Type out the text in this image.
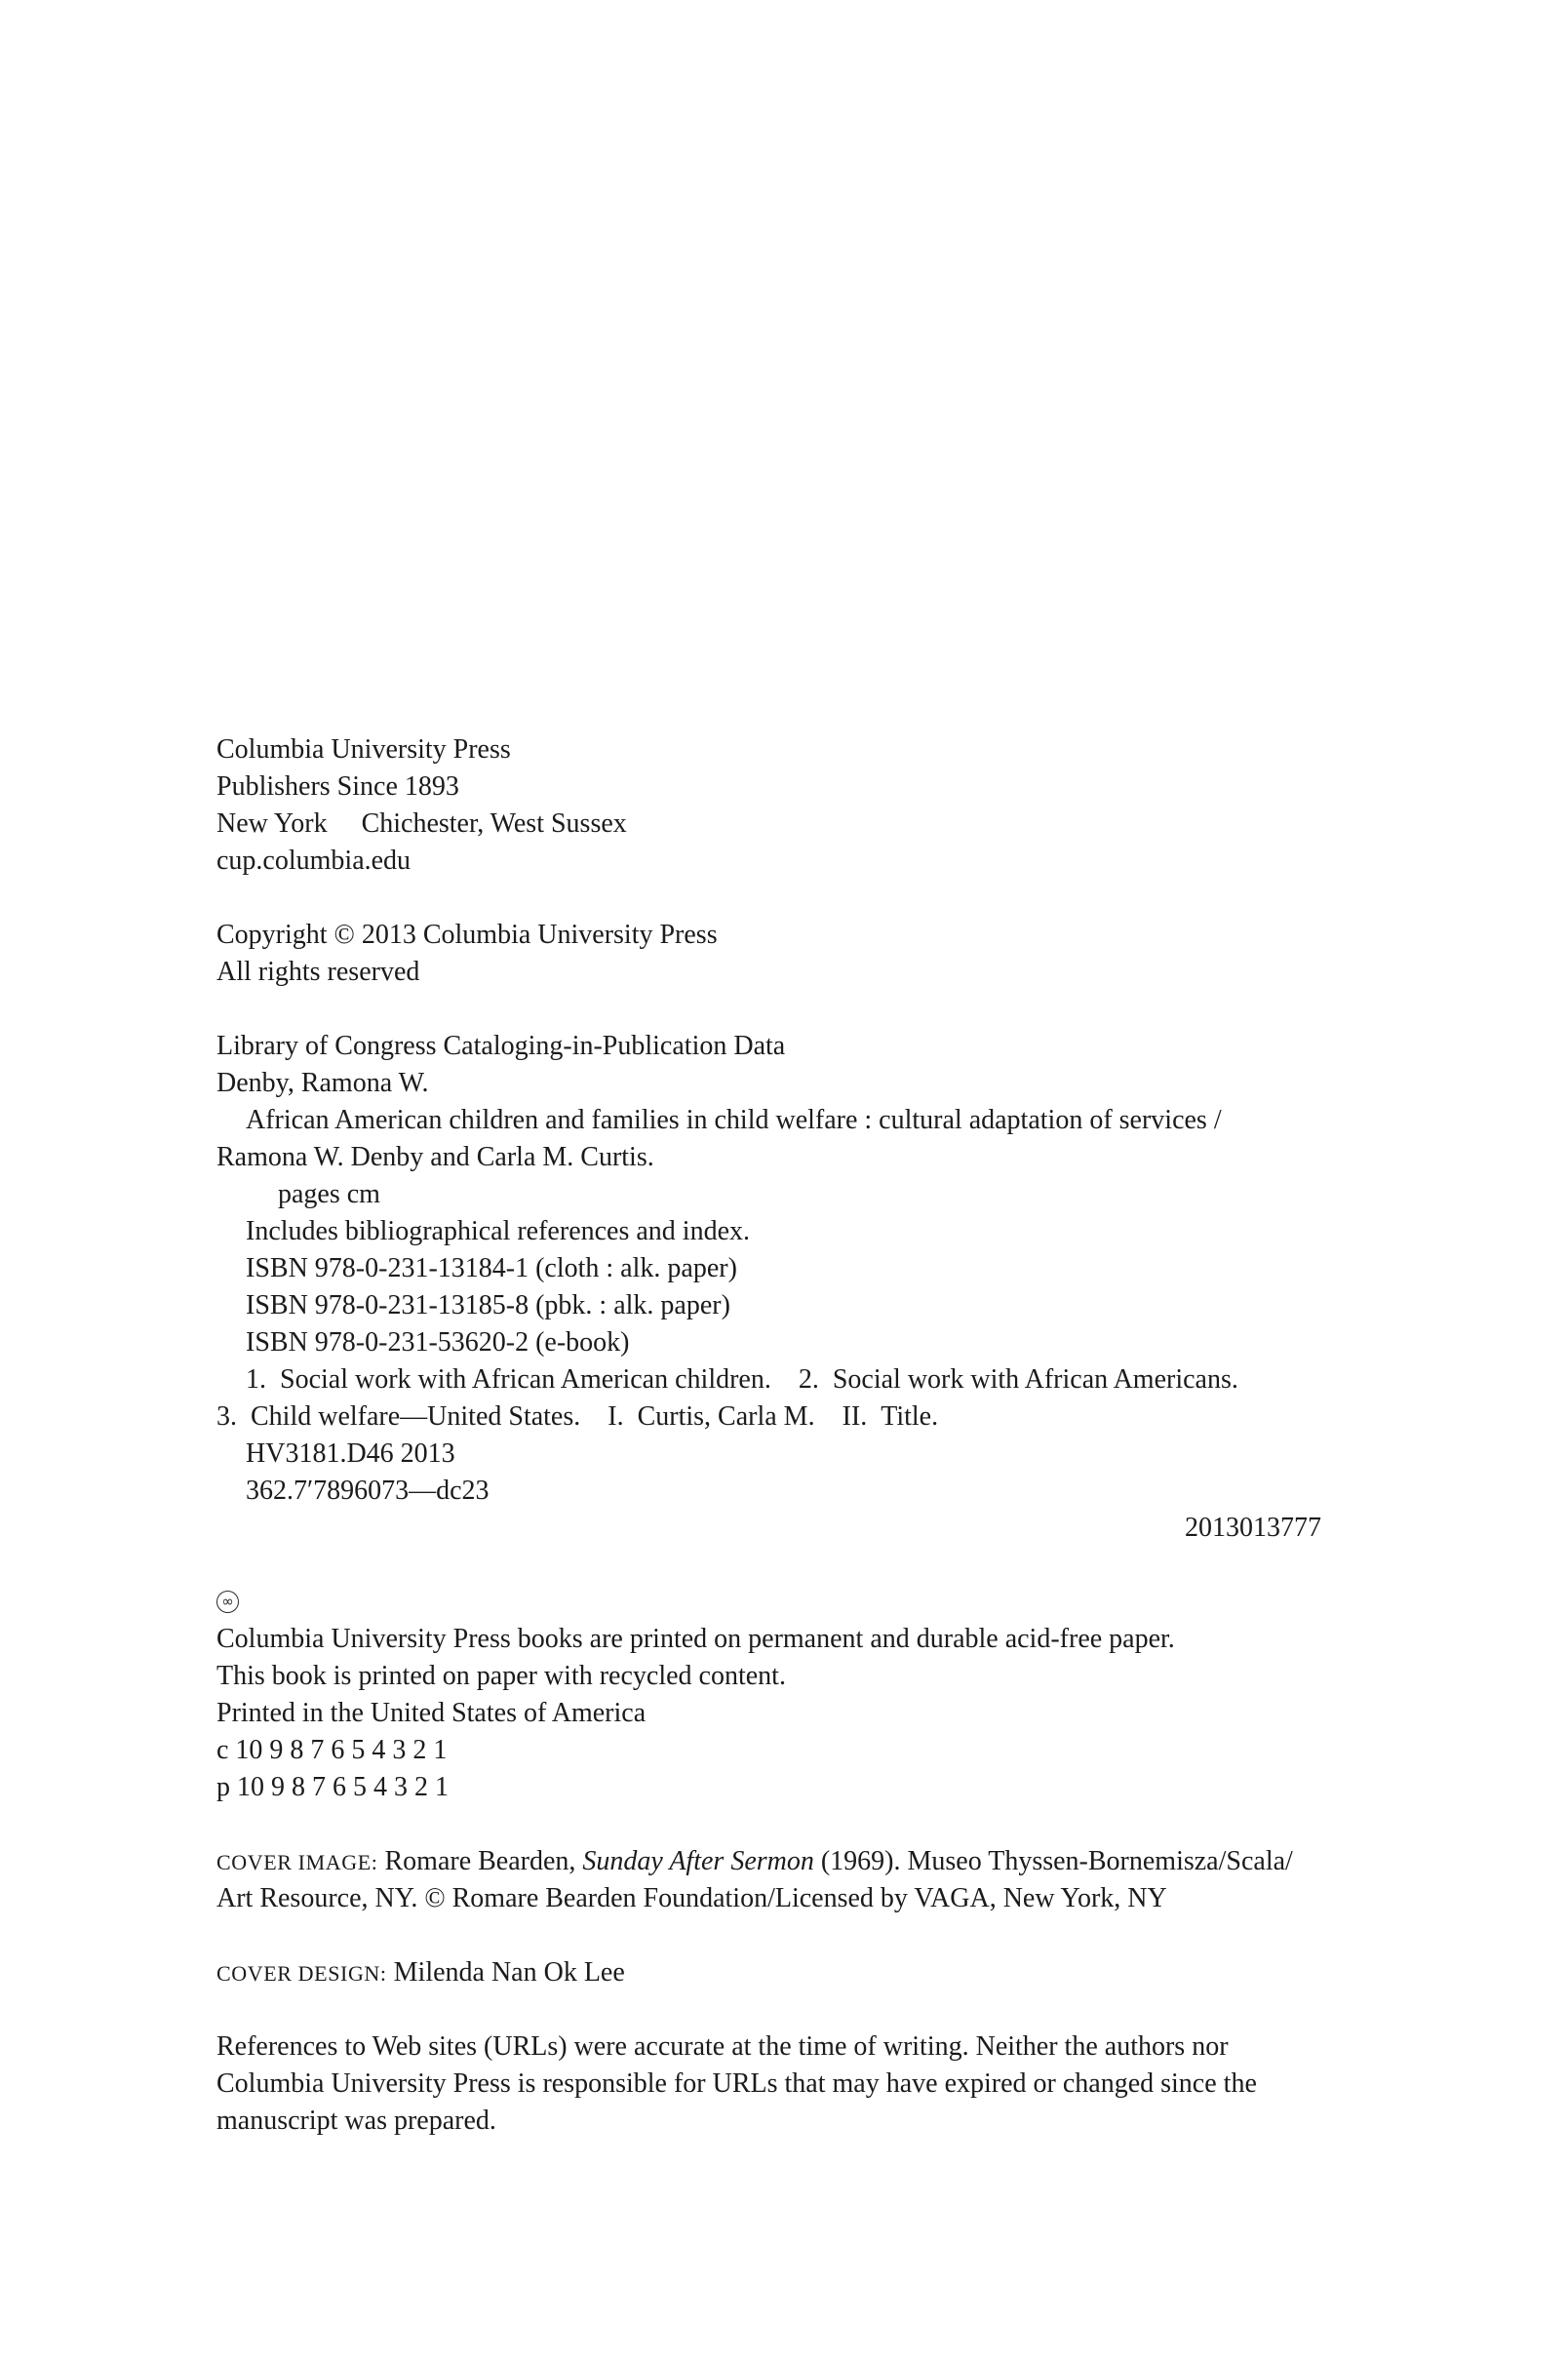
Columbia University Press
Publishers Since 1893
New York  Chichester, West Sussex
cup.columbia.edu
Copyright © 2013 Columbia University Press
All rights reserved
Library of Congress Cataloging-in-Publication Data
Denby, Ramona W.
African American children and families in child welfare : cultural adaptation of services /
Ramona W. Denby and Carla M. Curtis.
pages cm
Includes bibliographical references and index.
ISBN 978-0-231-13184-1 (cloth : alk. paper)
ISBN 978-0-231-13185-8 (pbk. : alk. paper)
ISBN 978-0-231-53620-2 (e-book)
1. Social work with African American children.  2. Social work with African Americans.
3. Child welfare—United States.  I. Curtis, Carla M.  II. Title.
HV3181.D46 2013
362.7′7896073—dc23
2013013777
∞
Columbia University Press books are printed on permanent and durable acid-free paper.
This book is printed on paper with recycled content.
Printed in the United States of America
c 10 9 8 7 6 5 4 3 2 1
p 10 9 8 7 6 5 4 3 2 1
COVER IMAGE: Romare Bearden, Sunday After Sermon (1969). Museo Thyssen-Bornemisza/Scala/
Art Resource, NY. © Romare Bearden Foundation/Licensed by VAGA, New York, NY
COVER DESIGN: Milenda Nan Ok Lee
References to Web sites (URLs) were accurate at the time of writing. Neither the authors nor
Columbia University Press is responsible for URLs that may have expired or changed since the
manuscript was prepared.
